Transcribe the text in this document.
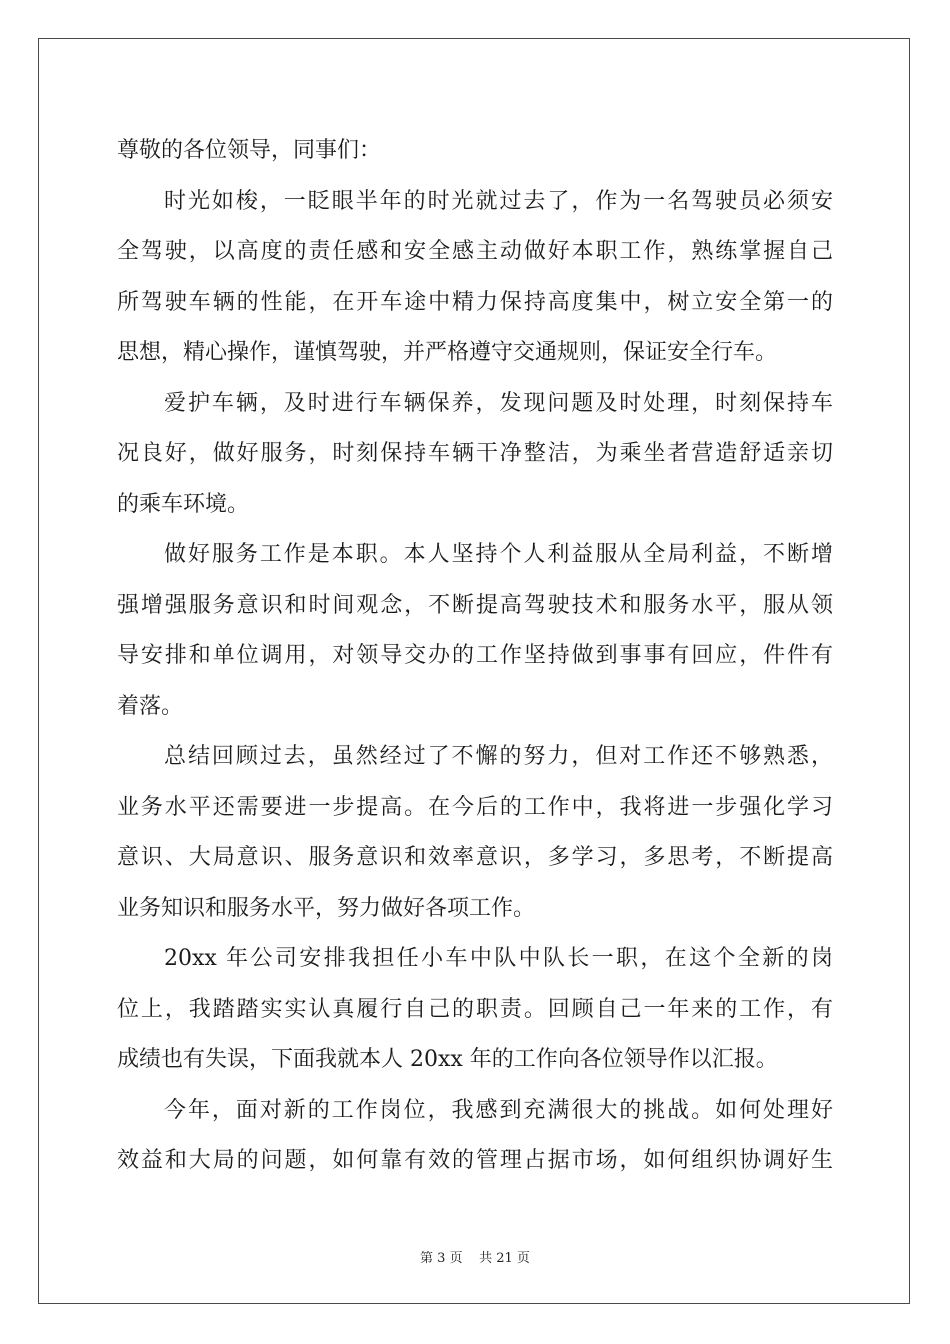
尊敬的各位领导，同事们：
时光如梭，一眨眼半年的时光就过去了，作为一名驾驶员必须安
全驾驶，以高度的责任感和安全感主动做好本职工作，熟练掌握自己
所驾驶车辆的性能，在开车途中精力保持高度集中，树立安全第一的
思想，精心操作，谨慎驾驶，并严格遵守交通规则，保证安全行车。
爱护车辆，及时进行车辆保养，发现问题及时处理，时刻保持车
况良好，做好服务，时刻保持车辆干净整洁，为乘坐者营造舒适亲切
的乘车环境。
做好服务工作是本职。本人坚持个人利益服从全局利益，不断增
强增强服务意识和时间观念，不断提高驾驶技术和服务水平，服从领
导安排和单位调用，对领导交办的工作坚持做到事事有回应，件件有
着落。
总结回顾过去，虽然经过了不懈的努力，但对工作还不够熟悉，
业务水平还需要进一步提高。在今后的工作中，我将进一步强化学习
意识、大局意识、服务意识和效率意识，多学习，多思考，不断提高
业务知识和服务水平，努力做好各项工作。
20xx 年公司安排我担任小车中队中队长一职，在这个全新的岗
位上，我踏踏实实认真履行自己的职责。回顾自己一年来的工作，有
成绩也有失误，下面我就本人 20xx 年的工作向各位领导作以汇报。
今年，面对新的工作岗位，我感到充满很大的挑战。如何处理好
效益和大局的问题，如何靠有效的管理占据市场，如何组织协调好生
第 3 页 共 21 页
